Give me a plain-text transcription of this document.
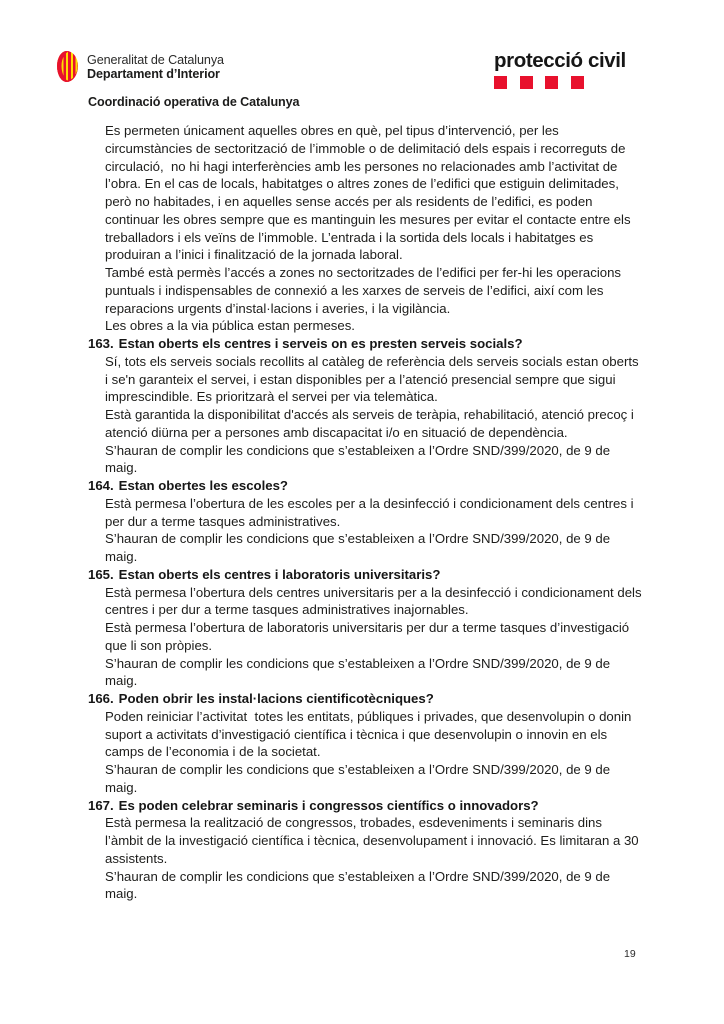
Generalitat de Catalunya
Departament d’Interior
protecció civil
Coordinació operativa de Catalunya

Es permeten únicament aquelles obres en què, pel tipus d’intervenció, per les circumstàncies de sectorització de l’immoble o de delimitació dels espais i recorreguts de circulació,  no hi hagi interferències amb les persones no relacionades amb l’activitat de l’obra. En el cas de locals, habitatges o altres zones de l’edifici que estiguin delimitades, però no habitades, i en aquelles sense accés per als residents de l’edifici, es poden continuar les obres sempre que es mantinguin les mesures per evitar el contacte entre els treballadors i els veïns de l’immoble. L’entrada i la sortida dels locals i habitatges es produiran a l’inici i finalització de la jornada laboral.

També està permès l’accés a zones no sectoritzades de l’edifici per fer-hi les operacions puntuals i indispensables de connexió a les xarxes de serveis de l’edifici, així com les reparacions urgents d’instal·lacions i averies, i la vigilància.

Les obres a la via pública estan permeses.

163. Estan oberts els centres i serveis on es presten serveis socials?

Sí, tots els serveis socials recollits al catàleg de referència dels serveis socials estan oberts i se'n garanteix el servei, i estan disponibles per a l’atenció presencial sempre que sigui imprescindible. Es prioritzarà el servei per via telemàtica.

Està garantida la disponibilitat d'accés als serveis de teràpia, rehabilitació, atenció precoç i atenció diürna per a persones amb discapacitat i/o en situació de dependència.

S’hauran de complir les condicions que s’estableixen a l’Ordre SND/399/2020, de 9 de maig.

164. Estan obertes les escoles?

Està permesa l’obertura de les escoles per a la desinfecció i condicionament dels centres i per dur a terme tasques administratives.

S’hauran de complir les condicions que s’estableixen a l’Ordre SND/399/2020, de 9 de maig.

165. Estan oberts els centres i laboratoris universitaris?

Està permesa l’obertura dels centres universitaris per a la desinfecció i condicionament dels centres i per dur a terme tasques administratives inajornables.

Està permesa l’obertura de laboratoris universitaris per dur a terme tasques d’investigació que li son pròpies.

S’hauran de complir les condicions que s’estableixen a l’Ordre SND/399/2020, de 9 de maig.

166. Poden obrir les instal·lacions cientificotècniques?

Poden reiniciar l’activitat  totes les entitats, públiques i privades, que desenvolupin o donin suport a activitats d’investigació científica i tècnica i que desenvolupin o innovin en els camps de l’economia i de la societat.

S’hauran de complir les condicions que s’estableixen a l’Ordre SND/399/2020, de 9 de maig.

167. Es poden celebrar seminaris i congressos científics o innovadors?

Està permesa la realització de congressos, trobades, esdeveniments i seminaris dins l’àmbit de la investigació científica i tècnica, desenvolupament i innovació. Es limitaran a 30 assistents.

S’hauran de complir les condicions que s’estableixen a l’Ordre SND/399/2020, de 9 de maig.

19
